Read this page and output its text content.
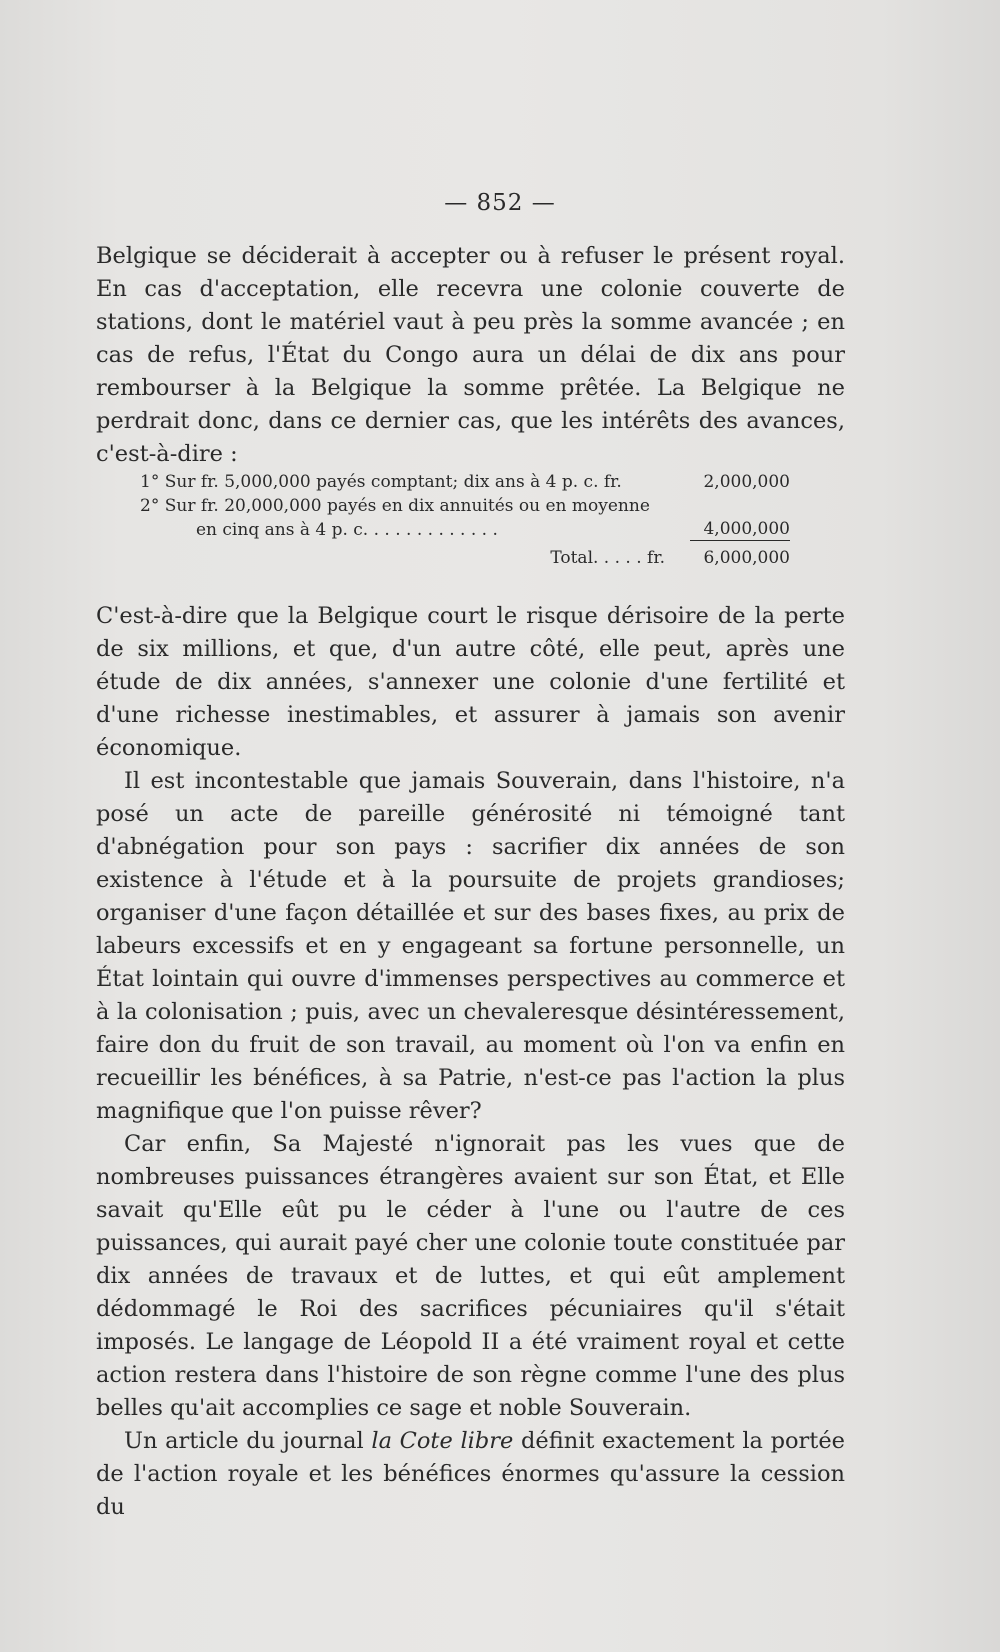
— 852 —

Belgique se déciderait à accepter ou à refuser le présent royal. En cas d'acceptation, elle recevra une colonie couverte de stations, dont le matériel vaut à peu près la somme avancée ; en cas de refus, l'État du Congo aura un délai de dix ans pour rembourser à la Belgique la somme prêtée. La Belgique ne perdrait donc, dans ce dernier cas, que les intérêts des avances, c'est-à-dire :

1° Sur fr. 5,000,000 payés comptant; dix ans à 4 p. c. fr.	2,000,000
2° Sur fr. 20,000,000 payés en dix annuités ou en moyenne
en cinq ans à 4 p. c. . . . . . . . . . . . .	4,000,000
Total. . . . . fr.	6,000,000

C'est-à-dire que la Belgique court le risque dérisoire de la perte de six millions, et que, d'un autre côté, elle peut, après une étude de dix années, s'annexer une colonie d'une fertilité et d'une richesse inestimables, et assurer à jamais son avenir économique.

Il est incontestable que jamais Souverain, dans l'histoire, n'a posé un acte de pareille générosité ni témoigné tant d'abnégation pour son pays : sacrifier dix années de son existence à l'étude et à la poursuite de projets grandioses; organiser d'une façon détaillée et sur des bases fixes, au prix de labeurs excessifs et en y engageant sa fortune personnelle, un État lointain qui ouvre d'immenses perspectives au commerce et à la colonisation ; puis, avec un chevaleresque désintéressement, faire don du fruit de son travail, au moment où l'on va enfin en recueillir les bénéfices, à sa Patrie, n'est-ce pas l'action la plus magnifique que l'on puisse rêver?

Car enfin, Sa Majesté n'ignorait pas les vues que de nombreuses puissances étrangères avaient sur son État, et Elle savait qu'Elle eût pu le céder à l'une ou l'autre de ces puissances, qui aurait payé cher une colonie toute constituée par dix années de travaux et de luttes, et qui eût amplement dédommagé le Roi des sacrifices pécuniaires qu'il s'était imposés. Le langage de Léopold II a été vraiment royal et cette action restera dans l'histoire de son règne comme l'une des plus belles qu'ait accomplies ce sage et noble Souverain.

Un article du journal la Cote libre définit exactement la portée de l'action royale et les bénéfices énormes qu'assure la cession du
